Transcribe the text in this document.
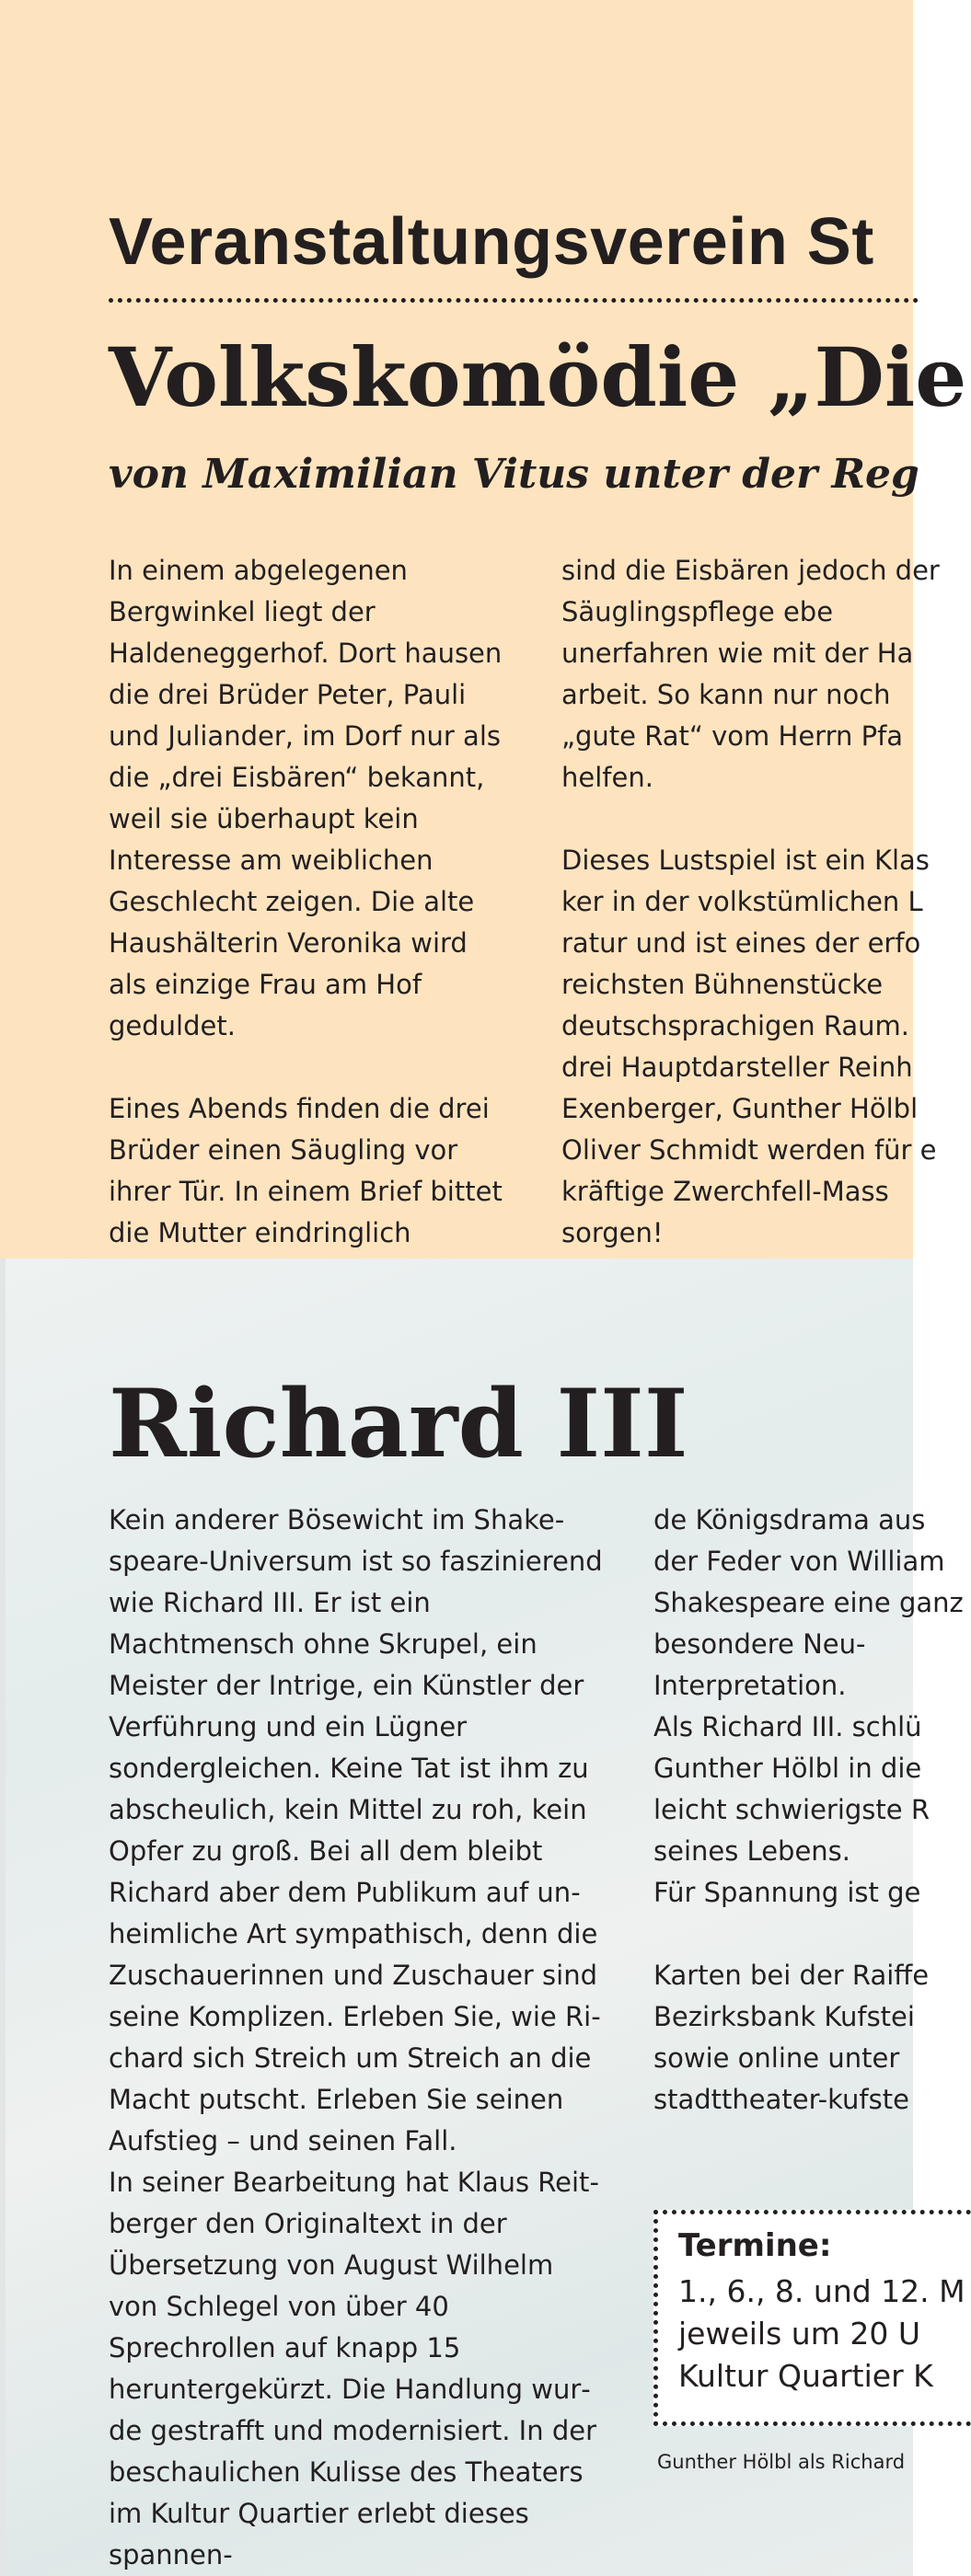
Veranstaltungsverein St
Volkskomödie „Die
von Maximilian Vitus unter der Reg

In einem abgelegenen Bergwinkel liegt der Haldeneggerhof. Dort hausen die drei Brüder Peter, Pauli und Juliander, im Dorf nur als die „drei Eisbären“ bekannt, weil sie überhaupt kein Interesse am weiblichen Geschlecht zeigen. Die alte Haushälterin Veronika wird als einzige Frau am Hof geduldet.

Eines Abends finden die drei Brüder einen Säugling vor ihrer Tür. In einem Brief bittet die Mutter eindringlich

sind die Eisbären jedoch der Säuglingspflege ebe unerfahren wie mit der Ha arbeit. So kann nur noch „gute Rat“ vom Herrn Pfa helfen.

Dieses Lustspiel ist ein Klas ker in der volkstümlichen L ratur und ist eines der erfo reichsten Bühnenstücke deutschsprachigen Raum. drei Hauptdarsteller Reinh Exenberger, Gunther Hölbl Oliver Schmidt werden für e kräftige Zwerchfell-Mass sorgen!

Richard III

Kein anderer Bösewicht im Shakespeare-Universum ist so faszinierend wie Richard III. Er ist ein Machtmensch ohne Skrupel, ein Meister der Intrige, ein Künstler der Verführung und ein Lügner sondergleichen. Keine Tat ist ihm zu abscheulich, kein Mittel zu roh, kein Opfer zu groß. Bei all dem bleibt Richard aber dem Publikum auf unheimliche Art sympathisch, denn die Zuschauerinnen und Zuschauer sind seine Komplizen. Erleben Sie, wie Richard sich Streich um Streich an die Macht putscht. Erleben Sie seinen Aufstieg – und seinen Fall.

In seiner Bearbeitung hat Klaus Reitberger den Originaltext in der Übersetzung von August Wilhelm von Schlegel von über 40 Sprechrollen auf knapp 15 heruntergekürzt. Die Handlung wurde gestrafft und modernisiert. In der beschaulichen Kulisse des Theaters im Kultur Quartier erlebt dieses spannen-

de Königsdrama aus der Feder von William Shakespeare eine ganz besondere Neu-Interpretation.

Als Richard III. schlü Gunther Hölbl in die leicht schwierigste R seines Lebens.

Für Spannung ist ge

Karten bei der Raiffe Bezirksbank Kufstei sowie online unter stadttheater-kufste

Termine:
1., 6., 8. und 12. M
jeweils um 20 U
Kultur Quartier K
Gunther Hölbl als Richard
